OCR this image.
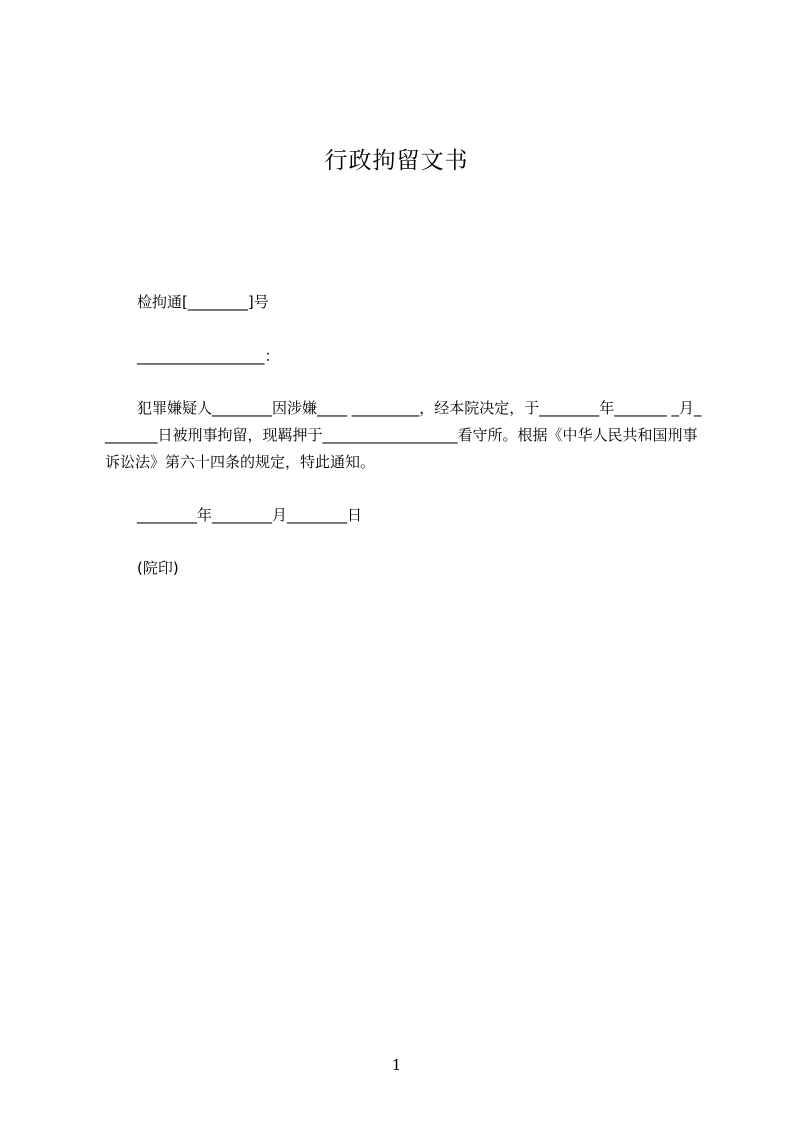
行政拘留文书
检拘通[________]号
_________________：
犯罪嫌疑人________因涉嫌____ _________，经本院决定，于________年_______ _月________日被刑事拘留，现羁押于__________________看守所。根据《中华人民共和国刑事诉讼法》第六十四条的规定，特此通知。
________年________月________日
(院印)
1
